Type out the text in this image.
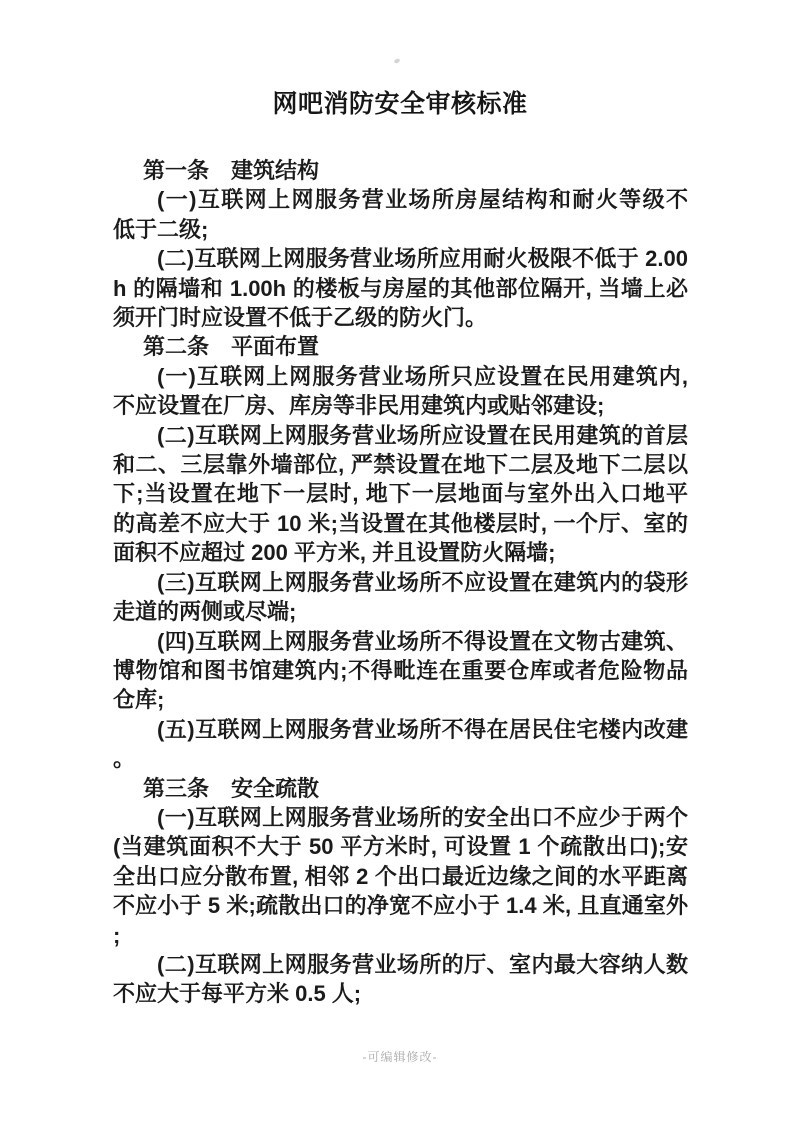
网吧消防安全审核标准
第一条　建筑结构
(一)互联网上网服务营业场所房屋结构和耐火等级不
低于二级;
(二)互联网上网服务营业场所应用耐火极限不低于 2.00
h 的隔墙和 1.00h 的楼板与房屋的其他部位隔开, 当墙上必
须开门时应设置不低于乙级的防火门。
第二条　平面布置
(一)互联网上网服务营业场所只应设置在民用建筑内,
不应设置在厂房、库房等非民用建筑内或贴邻建设;
(二)互联网上网服务营业场所应设置在民用建筑的首层
和二、三层靠外墙部位, 严禁设置在地下二层及地下二层以
下;当设置在地下一层时, 地下一层地面与室外出入口地平
的高差不应大于 10 米;当设置在其他楼层时, 一个厅、室的
面积不应超过 200 平方米, 并且设置防火隔墙;
(三)互联网上网服务营业场所不应设置在建筑内的袋形
走道的两侧或尽端;
(四)互联网上网服务营业场所不得设置在文物古建筑、
博物馆和图书馆建筑内;不得毗连在重要仓库或者危险物品
仓库;
(五)互联网上网服务营业场所不得在居民住宅楼内改建
。
第三条　安全疏散
(一)互联网上网服务营业场所的安全出口不应少于两个
(当建筑面积不大于 50 平方米时, 可设置 1 个疏散出口);安
全出口应分散布置, 相邻 2 个出口最近边缘之间的水平距离
不应小于 5 米;疏散出口的净宽不应小于 1.4 米, 且直通室外
;
(二)互联网上网服务营业场所的厅、室内最大容纳人数
不应大于每平方米 0.5 人;
-可编辑修改-
